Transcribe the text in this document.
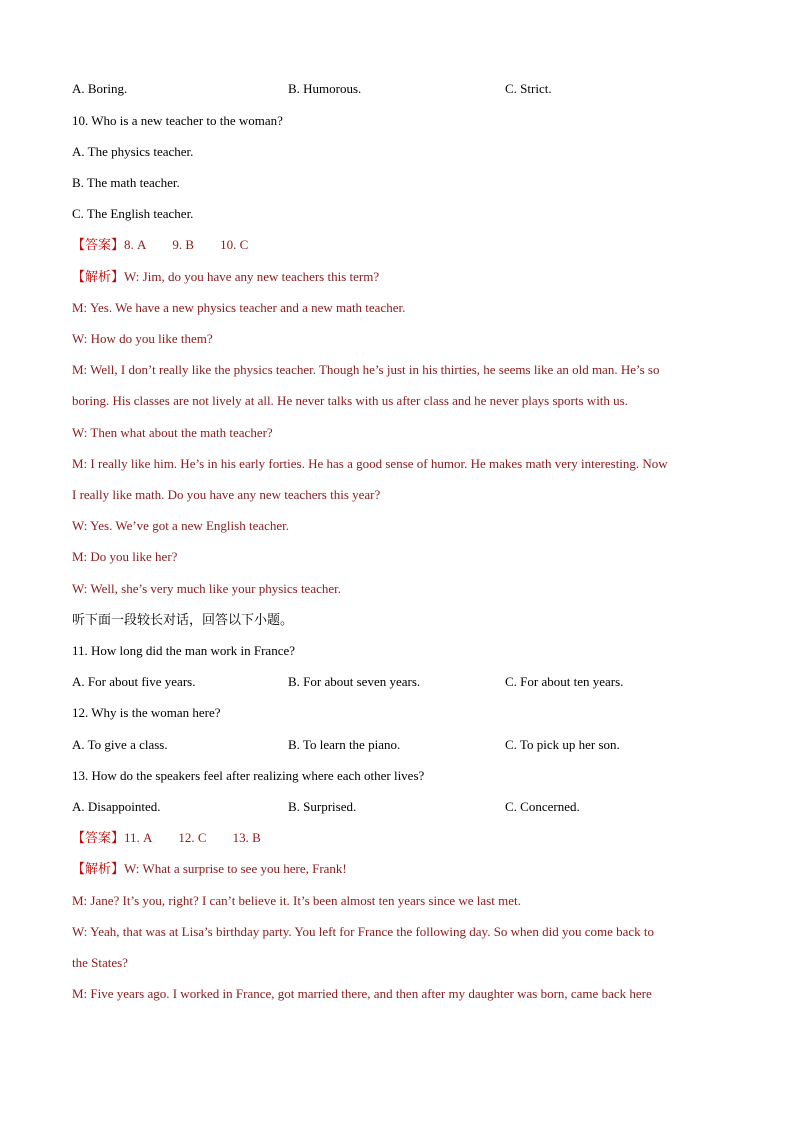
A. Boring.	B. Humorous.	C. Strict.
10. Who is a new teacher to the woman?
A. The physics teacher.
B. The math teacher.
C. The English teacher.
【答案】8. A        9. B        10. C
【解析】W: Jim, do you have any new teachers this term?
M: Yes. We have a new physics teacher and a new math teacher.
W: How do you like them?
M: Well, I don’t really like the physics teacher. Though he’s just in his thirties, he seems like an old man. He’s so
boring. His classes are not lively at all. He never talks with us after class and he never plays sports with us.
W: Then what about the math teacher?
M: I really like him. He’s in his early forties. He has a good sense of humor. He makes math very interesting. Now
I really like math. Do you have any new teachers this year?
W: Yes. We’ve got a new English teacher.
M: Do you like her?
W: Well, she’s very much like your physics teacher.
听下面一段较长对话，回答以下小题。
11. How long did the man work in France?
A. For about five years.	B. For about seven years.	C. For about ten years.
12. Why is the woman here?
A. To give a class.	B. To learn the piano.	C. To pick up her son.
13. How do the speakers feel after realizing where each other lives?
A. Disappointed.	B. Surprised.	C. Concerned.
【答案】11. A        12. C        13. B
【解析】W: What a surprise to see you here, Frank!
M: Jane? It’s you, right? I can’t believe it. It’s been almost ten years since we last met.
W: Yeah, that was at Lisa’s birthday party. You left for France the following day. So when did you come back to
the States?
M: Five years ago. I worked in France, got married there, and then after my daughter was born, came back here
